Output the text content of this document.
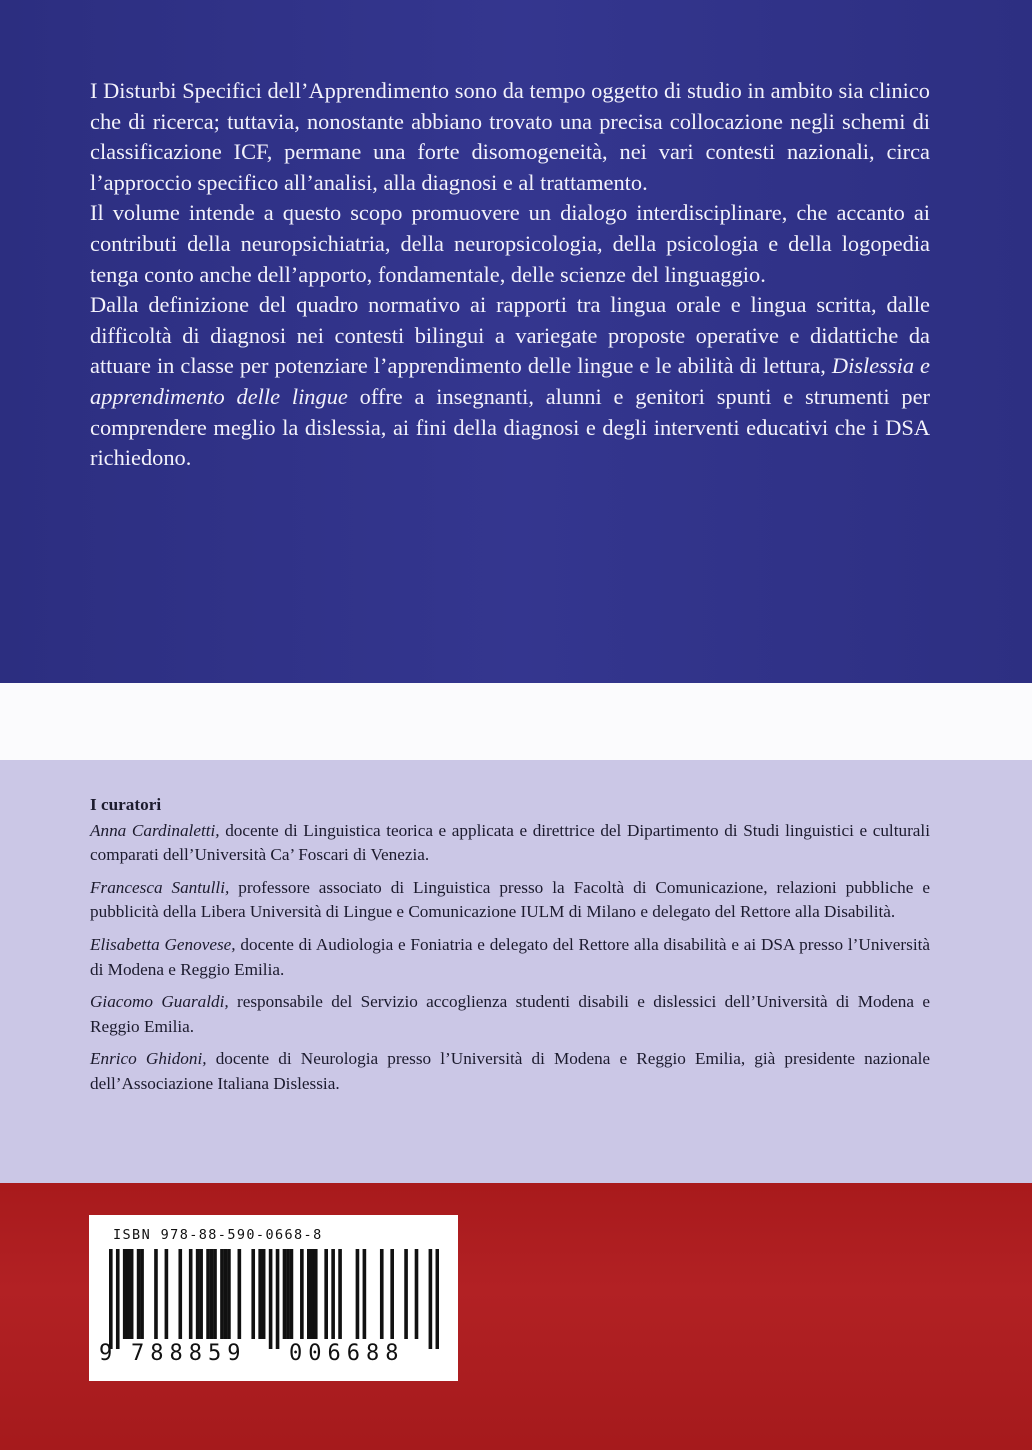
I Disturbi Specifici dell’Apprendimento sono da tempo oggetto di studio in ambito sia clinico che di ricerca; tuttavia, nonostante abbiano trovato una precisa collocazione negli schemi di classificazione ICF, permane una forte disomogeneità, nei vari contesti nazionali, circa l’approccio specifico all’analisi, alla diagnosi e al trattamento.

Il volume intende a questo scopo promuovere un dialogo interdisciplinare, che accanto ai contributi della neuropsichiatria, della neuropsicologia, della psicologia e della logopedia tenga conto anche dell’apporto, fondamentale, delle scienze del linguaggio.

Dalla definizione del quadro normativo ai rapporti tra lingua orale e lingua scritta, dalle difficoltà di diagnosi nei contesti bilingui a variegate proposte operative e didattiche da attuare in classe per potenziare l’apprendimento delle lingue e le abilità di lettura, Dislessia e apprendimento delle lingue offre a insegnanti, alunni e genitori spunti e strumenti per comprendere meglio la dislessia, ai fini della diagnosi e degli interventi educativi che i DSA richiedono.

I curatori

Anna Cardinaletti, docente di Linguistica teorica e applicata e direttrice del Dipartimento di Studi linguistici e culturali comparati dell’Università Ca’ Foscari di Venezia.

Francesca Santulli, professore associato di Linguistica presso la Facoltà di Comunicazione, relazioni pubbliche e pubblicità della Libera Università di Lingue e Comunicazione IULM di Milano e delegato del Rettore alla Disabilità.

Elisabetta Genovese, docente di Audiologia e Foniatria e delegato del Rettore alla disabilità e ai DSA presso l’Università di Modena e Reggio Emilia.

Giacomo Guaraldi, responsabile del Servizio accoglienza studenti disabili e dislessici dell’Università di Modena e Reggio Emilia.

Enrico Ghidoni, docente di Neurologia presso l’Università di Modena e Reggio Emilia, già presidente nazionale dell’Associazione Italiana Dislessia.

ISBN 978-88-590-0668-8
9 788859 006688
